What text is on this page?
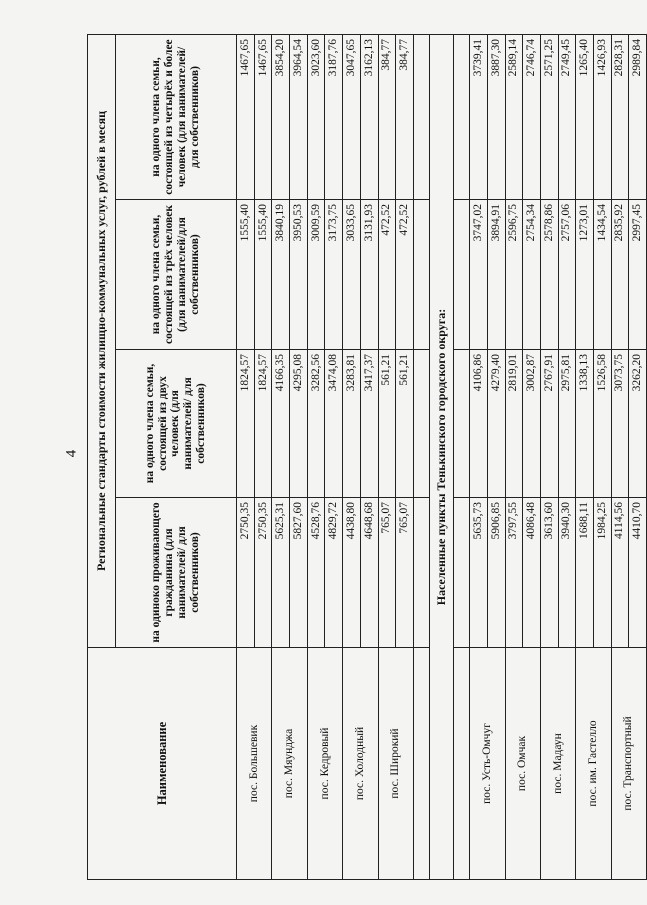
4
Наименование	Региональные стандарты стоимости жилищно-коммунальных услуг, рублей в месяц			
	на одиноко проживающего гражданина (для нанимателей/ для собственников)	на одного члена семьи, состоящей из двух человек (для нанимателей/ для собственников)	на одного члена семьи, состоящей из трёх человек (для нанимателей/для собственников)	на одного члена семьи, состоящей из четырёх и более человек (для нанимателей/для собственников)
пос. Большевик	2750,35	1824,57	1555,40	1467,65
	2750,35	1824,57	1555,40	1467,65
пос. Мяунджа	5625,31	4166,35	3840,19	3854,20
	5827,60	4295,08	3950,53	3964,54
пос. Кедровый	4528,76	3282,56	3009,59	3023,60
	4829,72	3474,08	3173,75	3187,76
пос. Холодный	4438,80	3283,81	3033,65	3047,65
	4648,68	3417,37	3131,93	3162,13
пос. Широкий	765,07	561,21	472,52	384,77
	765,07	561,21	472,52	384,77

Населенные пункты Тенькинского городского округа:				

пос. Усть-Омчуг	5635,73	4106,86	3747,02	3739,41
	5906,85	4279,40	3894,91	3887,30
пос. Омчак	3797,55	2819,01	2596,75	2589,14
	4086,48	3002,87	2754,34	2746,74
пос. Мадаун	3613,60	2767,91	2578,86	2571,25
	3940,30	2975,81	2757,06	2749,45
пос. им. Гастелло	1688,11	1338,13	1273,01	1265,40
	1984,25	1526,58	1434,54	1426,93
пос. Транспортный	4114,56	3073,75	2835,92	2828,31
	4410,70	3262,20	2997,45	2989,84
